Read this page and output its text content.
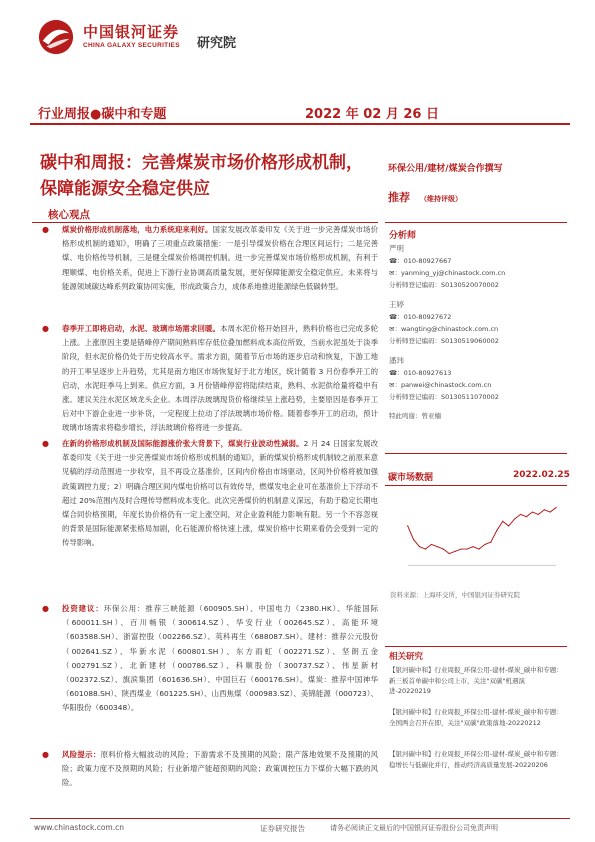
中国银河证券
CHINA GALAXY SECURITIES 研究院
行业周报●碳中和专题	2022 年 02 月 26 日
碳中和周报：完善煤炭市场价格形成机制，保障能源安全稳定供应
核心观点
● 煤炭价格形成机制落地，电力系统迎来利好。国家发展改革委印发《关于进一步完善煤炭市场价格形成机制的通知》，明确了三项重点政策措施：一是引导煤炭价格在合理区间运行；二是完善煤、电价格传导机制，三是健全煤炭价格调控机制。进一步完善煤炭市场价格形成机制，有利于理顺煤、电价格关系，促进上下游行业协调高质量发展，更好保障能源安全稳定供应。未来将与能源领域碳达峰系列政策协同实施，形成政策合力，成体系地推进能源绿色低碳转型。
● 春季开工即将启动，水泥、玻璃市场需求回暖。本周水泥价格开始回升，熟料价格也已完成多轮上涨。上涨原因主要是错峰停产期间熟料库存低位叠加燃料成本高位所致，当前水泥虽处于淡季阶段，但水泥价格仍处于历史较高水平。需求方面，随着节后市场的逐步启动和恢复，下游工地的开工率呈逐步上升趋势，尤其是南方地区市场恢复好于北方地区，统计随着 3 月份春季开工的启动，水泥旺季马上到来。供应方面，3 月份错峰停窑将陆续结束，熟料、水泥供给量将稳中有涨。建议关注水泥区域龙头企业。本周浮法玻璃现货价格继续呈上涨趋势，主要原因是春季开工后对中下游企业进一步补货，一定程度上拉动了浮法玻璃市场价格。随着春季开工的启动，预计玻璃市场需求将稳步增长，浮法玻璃价格将进一步提高。
● 在新的价格形成机制及国际能源涨价张大背景下，煤炭行业波动性减弱。2 月 24 日国家发展改革委印发《关于进一步完善煤炭市场价格形成机制的通知》，新的煤炭价格形成机制较之前原来意见稿的浮动范围进一步收窄，且不再设立基准价，区间内价格由市场驱动，区间外价格将被加强政策调控力度；2）明确合理区间内煤电价格可以有效传导，燃煤发电企业可在基准价上下浮动不超过 20%范围内及时合理传导燃料成本变化。此次完善煤价的机制意义深远，有助于稳定长期电煤合同价格预期，年度长协价格仍有一定上涨空间，对企业盈利能力影响有限。另一个不容忽视的背景是国际能源紧张格局加剧，化石能源价格快速上涨，煤炭价格中长期来看仍会受到一定的传导影响。
● 投资建议：环保公用：推荐三峡能源（600905.SH）、中国电力（2380.HK）、华能国际（600011.SH）、百川畅银（300614.SZ）、华安行业（002645.SZ）、高能环境（603588.SH）、浙富控股（002266.SZ）、英科再生（688087.SH）。建材：推荐公元股份（002641.SZ）、华新水泥（600801.SH）、东方雨虹（002271.SZ）、坚朗五金（002791.SZ）、北新建材（000786.SZ）、科顺股份（300737.SZ）、伟星新材（002372.SZ）、旗滨集团（601636.SH）、中国巨石（600176.SH）。煤炭：推荐中国神华（601088.SH）、陕西煤业（601225.SH）、山西焦煤（000983.SZ）、美锦能源（000723）、华阳股份（600348）。
● 风险提示：原料价格大幅波动的风险；下游需求不及预期的风险；限产落地效果不及预期的风险；政策力度不及预期的风险；行业新增产能超预期的风险；政策调控压力下煤价大幅下跌的风险。
环保公用/建材/煤炭合作撰写
推荐 （维持评级）
分析师
严明
☎：010-80927667
✉：yanming_yj@chinastock.com.cn
分析师登记编码：S0130520070002
王婷
☎：010-80927672
✉：wangting@chinastock.com.cn
分析师登记编码：S0130519060002
潘玮
☎：010-80927613
✉：panwei@chinastock.com.cn
分析师登记编码：S0130511070002
特此鸣谢：曾亚楠
碳市场数据	2022.02.25
资料来源：上海环交所，中国银河证券研究院
相关研究
【银河碳中和】行业周报_环保公用-建材-煤炭_碳中和专题：新三板首单碳中和公司上市，关注"双碳"机遇演进-20220219
【银河碳中和】行业周报_环保公用-建材-煤炭_碳中和专题：全国两会召开在即，关注"双碳"政策落地-20220212
【银河碳中和】行业周报_环保公用-建材-煤炭_碳中和专题：稳增长与低碳化并行，推动经济高质量发展-20220206
www.chinastock.com.cn	证券研究报告	请务必阅读正文最后的中国银河证券股份公司免责声明
